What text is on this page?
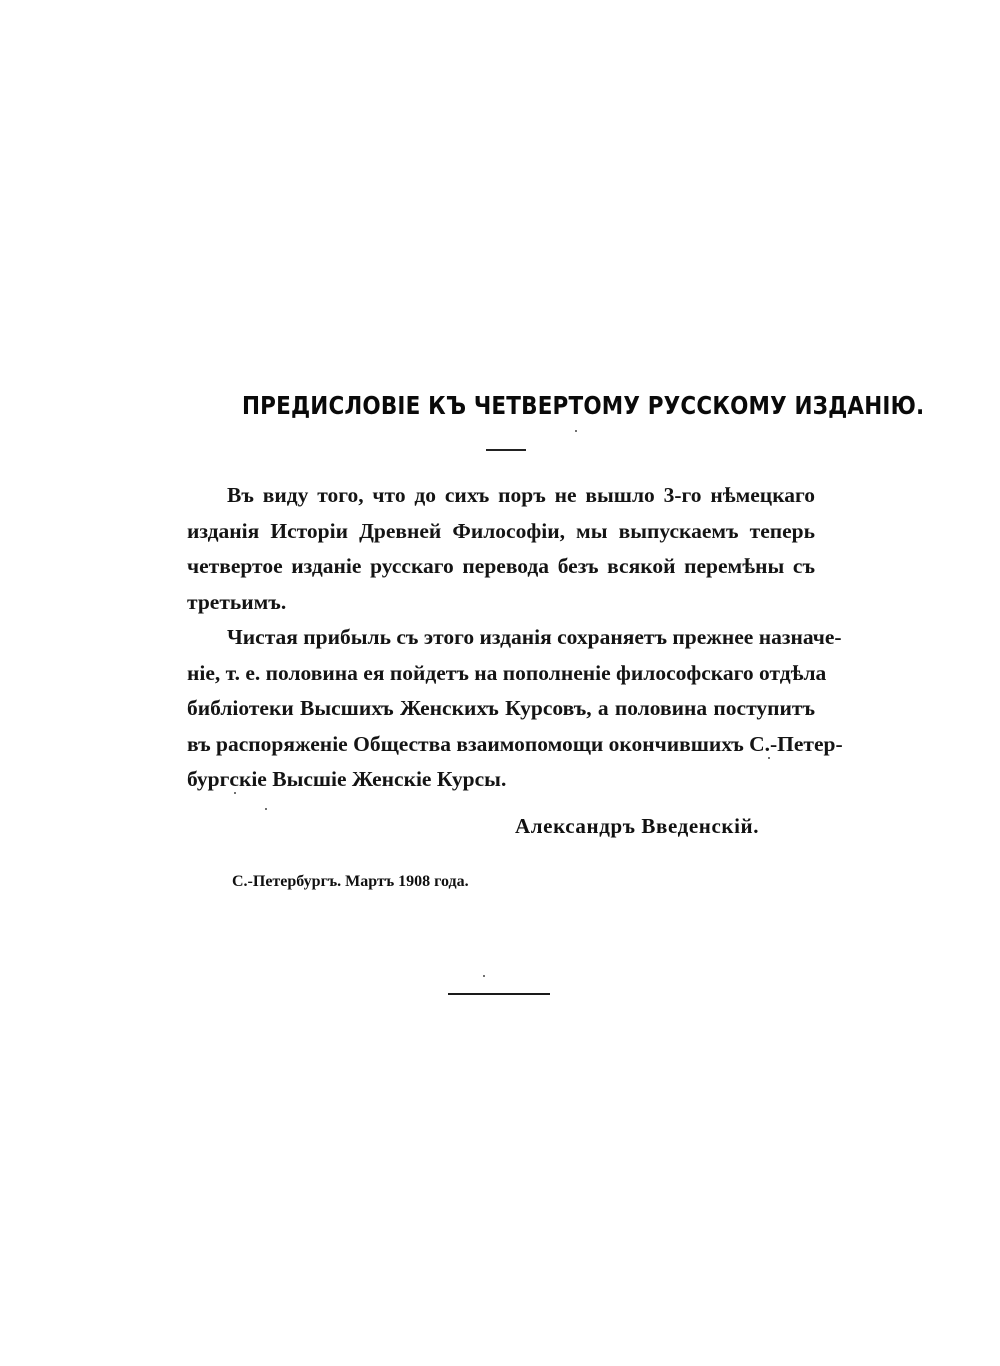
ПРЕДИСЛОВІЕ КЪ ЧЕТВЕРТОМУ РУССКОМУ ИЗДАНІЮ.

Въ виду того, что до сихъ поръ не вышло 3-го нѣмецкаго
изданія Исторіи Древней Философіи, мы выпускаемъ теперь
четвертое изданіе русскаго перевода безъ всякой перемѣны съ
третьимъ.

Чистая прибыль съ этого изданія сохраняетъ прежнее назначе-
ніе, т. е. половина ея пойдетъ на пополненіе философскаго отдѣла
библіотеки Высшихъ Женскихъ Курсовъ, а половина поступитъ
въ распоряженіе Общества взаимопомощи окончившихъ С.-Петер-
бургскіе Высшіе Женскіе Курсы.

Александръ Введенскій.
С.-Петербургъ. Мартъ 1908 года.
